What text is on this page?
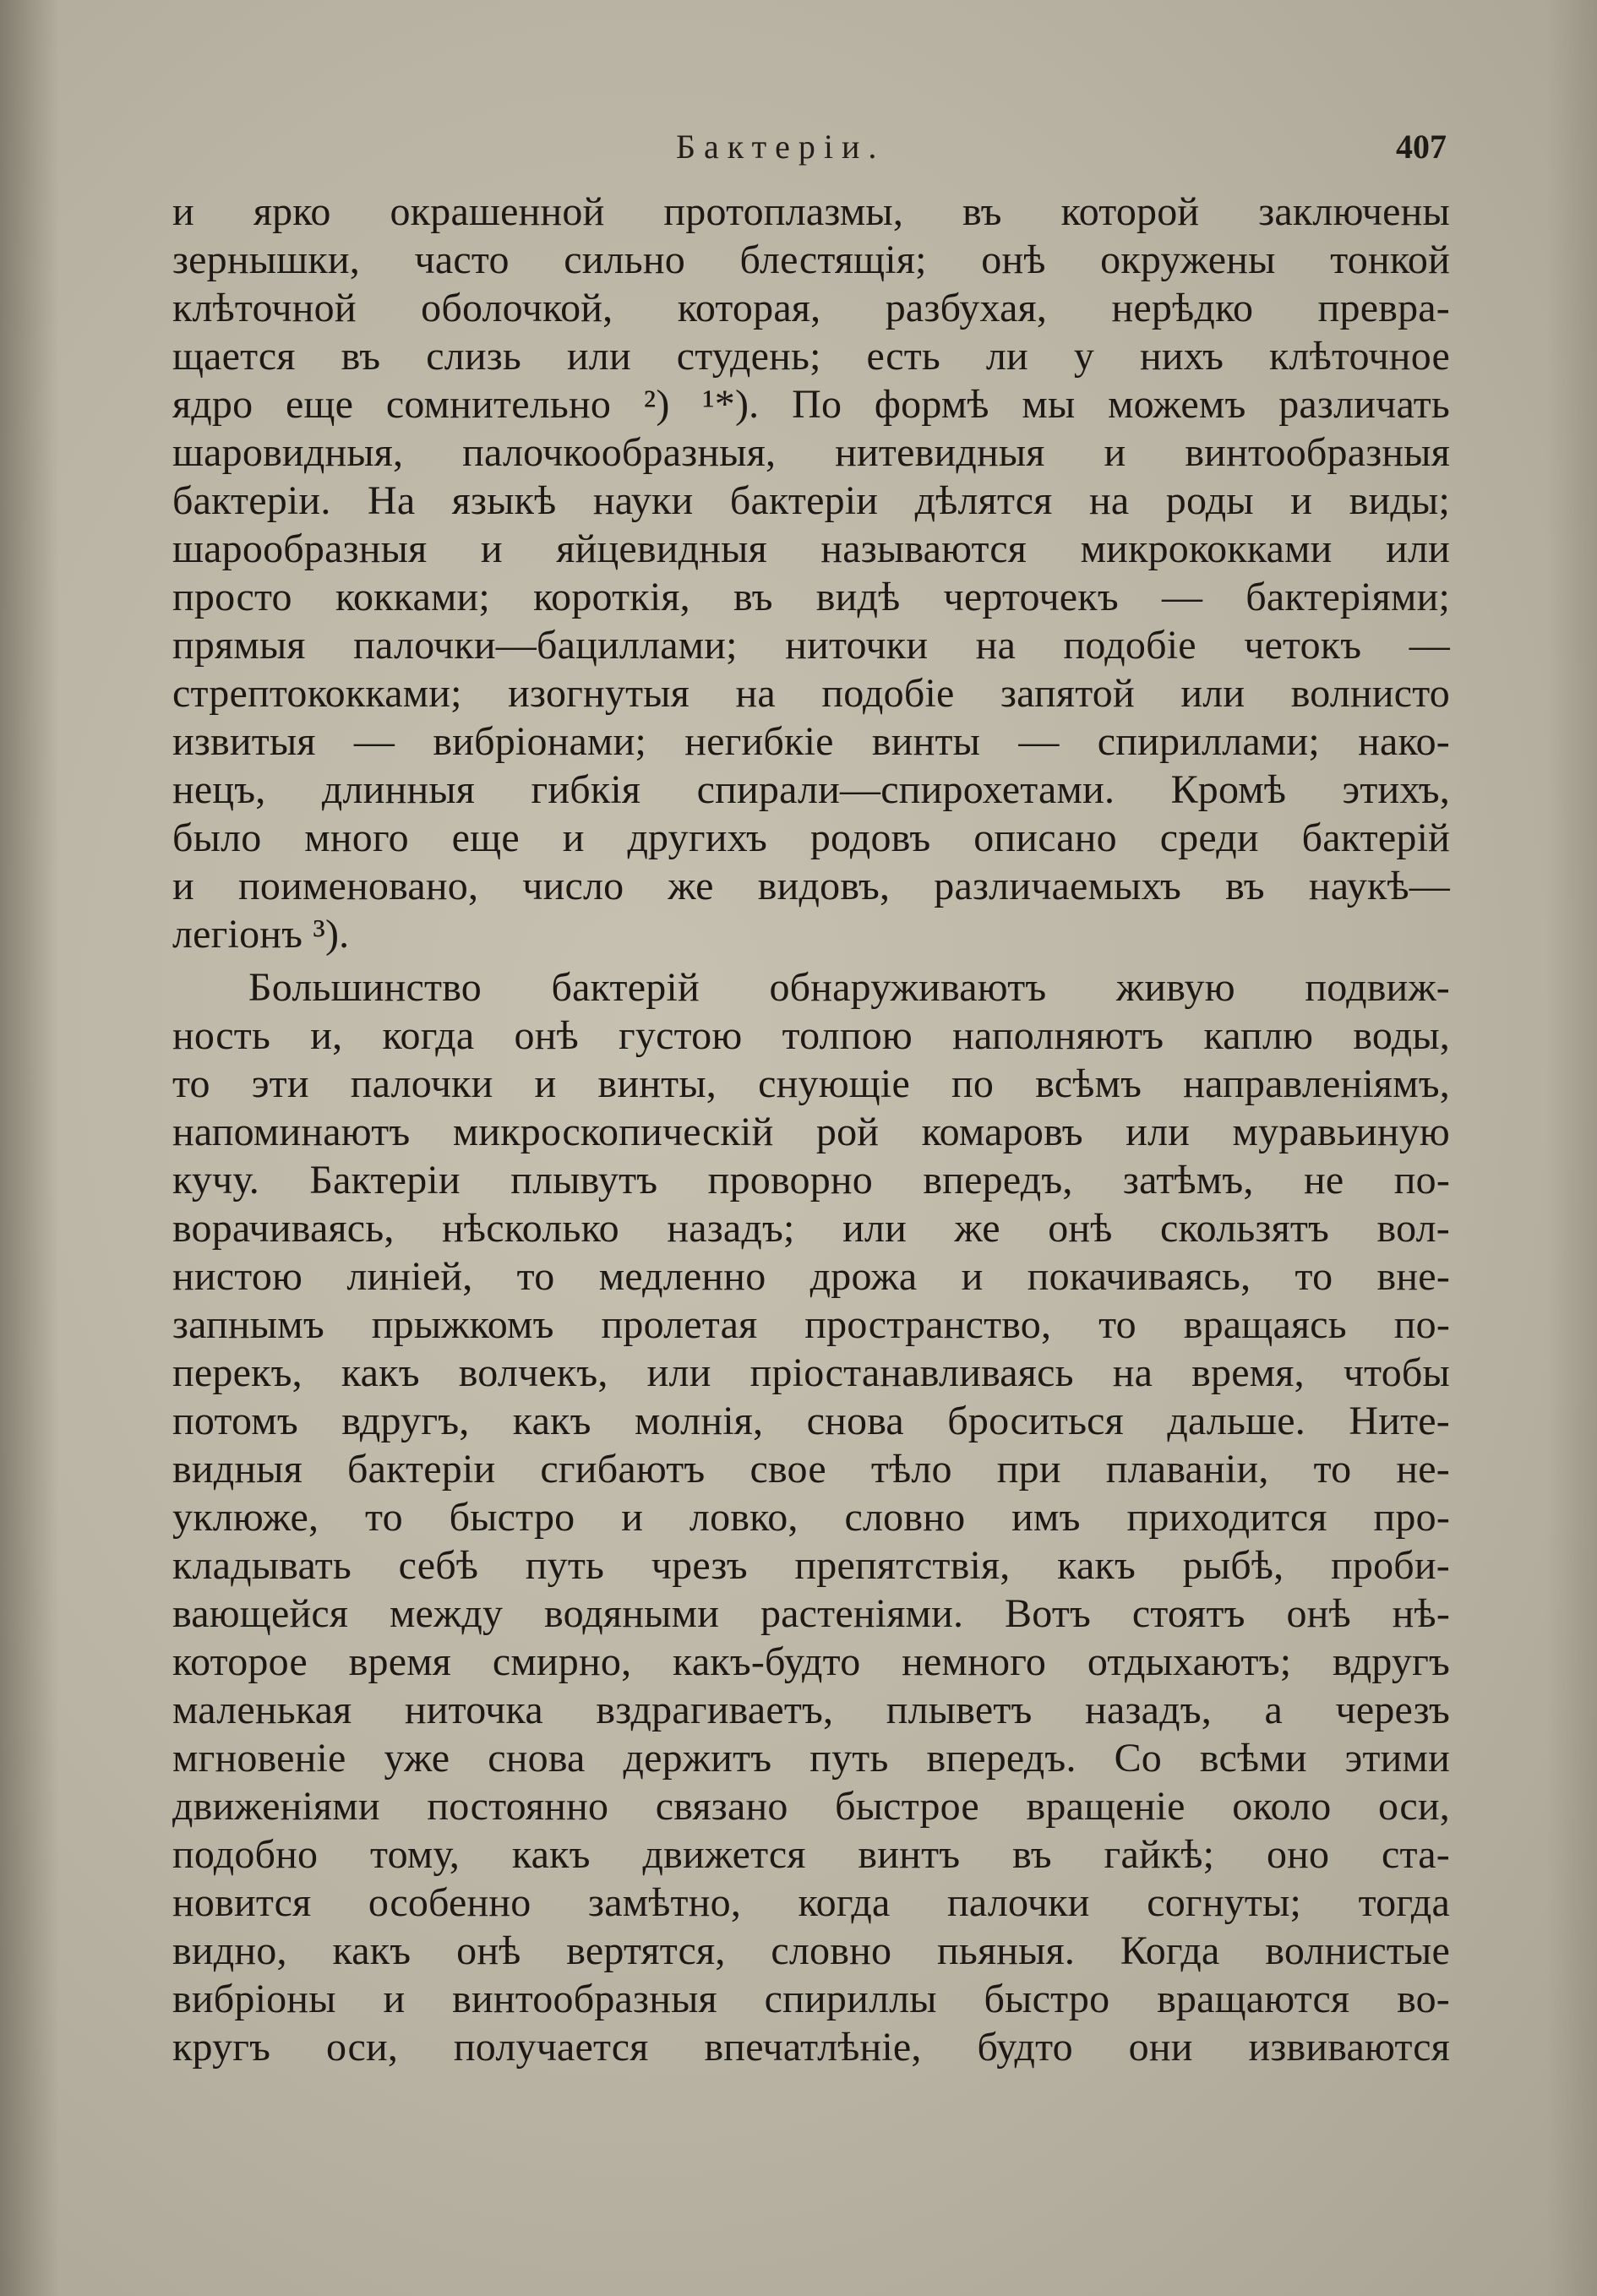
Бактеріи.	407
и ярко окрашенной протоплазмы, въ которой заключены
зернышки, часто сильно блестящія; онѣ окружены тонкой
клѣточной оболочкой, которая, разбухая, нерѣдко превра-
щается въ слизь или студень; есть ли у нихъ клѣточное
ядро еще сомнительно ²) ¹*). По формѣ мы можемъ различать
шаровидныя, палочкообразныя, нитевидныя и винтообразныя
бактеріи. На языкѣ науки бактеріи дѣлятся на роды и виды;
шарообразныя и яйцевидныя называются микрококками или
просто кокками; короткія, въ видѣ черточекъ — бактеріями;
прямыя палочки—бациллами; ниточки на подобіе четокъ —
стрептококками; изогнутыя на подобіе запятой или волнисто
извитыя — вибріонами; негибкіе винты — спириллами; нако-
нецъ, длинныя гибкія спирали—спирохетами. Кромѣ этихъ,
было много еще и другихъ родовъ описано среди бактерій
и поименовано, число же видовъ, различаемыхъ въ наукѣ—
легіонъ ³).
Большинство бактерій обнаруживаютъ живую подвиж-
ность и, когда онѣ густою толпою наполняютъ каплю воды,
то эти палочки и винты, снующіе по всѣмъ направленіямъ,
напоминаютъ микроскопическій рой комаровъ или муравьиную
кучу. Бактеріи плывутъ проворно впередъ, затѣмъ, не по-
ворачиваясь, нѣсколько назадъ; или же онѣ скользятъ вол-
нистою линіей, то медленно дрожа и покачиваясь, то вне-
запнымъ прыжкомъ пролетая пространство, то вращаясь по-
перекъ, какъ волчекъ, или пріостанавливаясь на время, чтобы
потомъ вдругъ, какъ молнія, снова броситься дальше. Ните-
видныя бактеріи сгибаютъ свое тѣло при плаваніи, то не-
уклюже, то быстро и ловко, словно имъ приходится про-
кладывать себѣ путь чрезъ препятствія, какъ рыбѣ, проби-
вающейся между водяными растеніями. Вотъ стоятъ онѣ нѣ-
которое время смирно, какъ-будто немного отдыхаютъ; вдругъ
маленькая ниточка вздрагиваетъ, плыветъ назадъ, а черезъ
мгновеніе уже снова держитъ путь впередъ. Со всѣми этими
движеніями постоянно связано быстрое вращеніе около оси,
подобно тому, какъ движется винтъ въ гайкѣ; оно ста-
новится особенно замѣтно, когда палочки согнуты; тогда
видно, какъ онѣ вертятся, словно пьяныя. Когда волнистые
вибріоны и винтообразныя спириллы быстро вращаются во-
кругъ оси, получается впечатлѣніе, будто они извиваются
